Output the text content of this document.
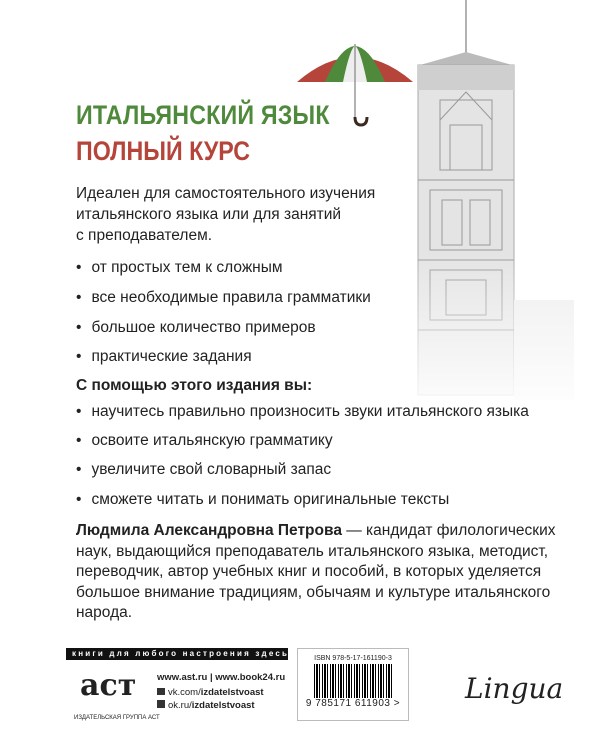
ИТАЛЬЯНСКИЙ ЯЗЫК
ПОЛНЫЙ КУРС
Идеален для самостоятельного изучения
итальянского языка или для занятий
с преподавателем.
• от простых тем к сложным
• все необходимые правила грамматики
• большое количество примеров
• практические задания
С помощью этого издания вы:
• научитесь правильно произносить звуки итальянского языка
• освоите итальянскую грамматику
• увеличите свой словарный запас
• сможете читать и понимать оригинальные тексты
Людмила Александровна Петрова — кандидат филологических наук, выдающийся преподаватель итальянского языка, методист, переводчик, автор учебных книг и пособий, в которых уделяется большое внимание традициям, обычаям и культуре итальянского народа.
книги для любого настроения здесь
аст
ИЗДАТЕЛЬСКАЯ ГРУППА АСТ
www.ast.ru | www.book24.ru
vk.com/izdatelstvoast
ok.ru/izdatelstvoast
ISBN 978-5-17-161190-3
9 785171 611903 > Lingua
